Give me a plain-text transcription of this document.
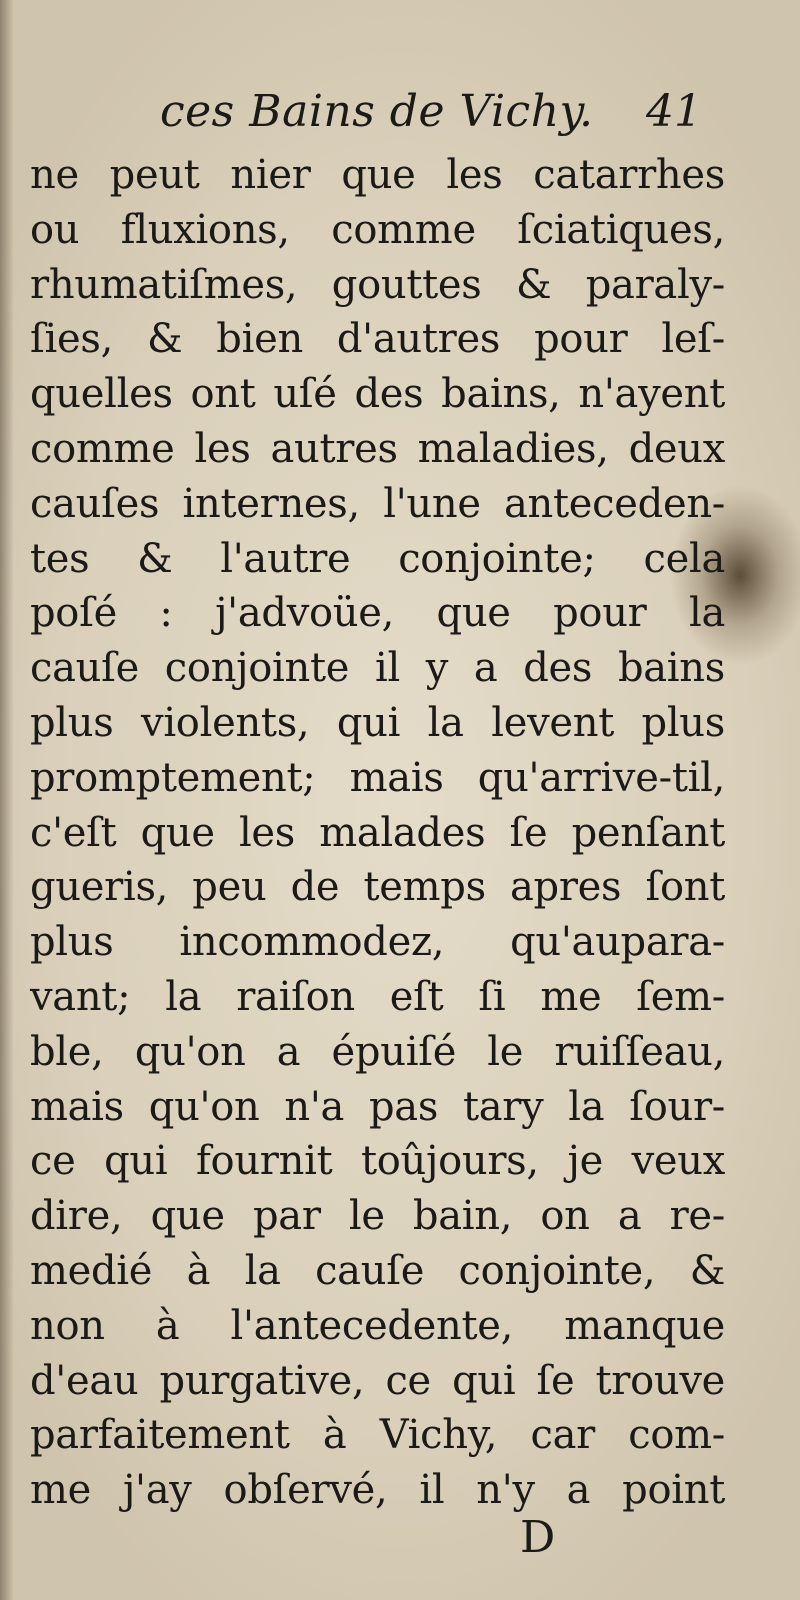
ces Bains de Vichy. 41
ne peut nier que les catarrhes
ou fluxions, comme ſciatiques,
rhumatiſmes, gouttes & paraly-
ſies, & bien d'autres pour leſ-
quelles ont uſé des bains, n'ayent
comme les autres maladies, deux
cauſes internes, l'une anteceden-
tes & l'autre conjointe; cela
poſé : j'advoüe, que pour la
cauſe conjointe il y a des bains
plus violents, qui la levent plus
promptement; mais qu'arrive-til,
c'eſt que les malades ſe penſant
gueris, peu de temps apres ſont
plus incommodez, qu'aupara-
vant; la raiſon eſt ſi me ſem-
ble, qu'on a épuiſé le ruiſſeau,
mais qu'on n'a pas tary la ſour-
ce qui fournit toûjours, je veux
dire, que par le bain, on a re-
medié à la cauſe conjointe, &
non à l'antecedente, manque
d'eau purgative, ce qui ſe trouve
parfaitement à Vichy, car com-
me j'ay obſervé, il n'y a point
D
